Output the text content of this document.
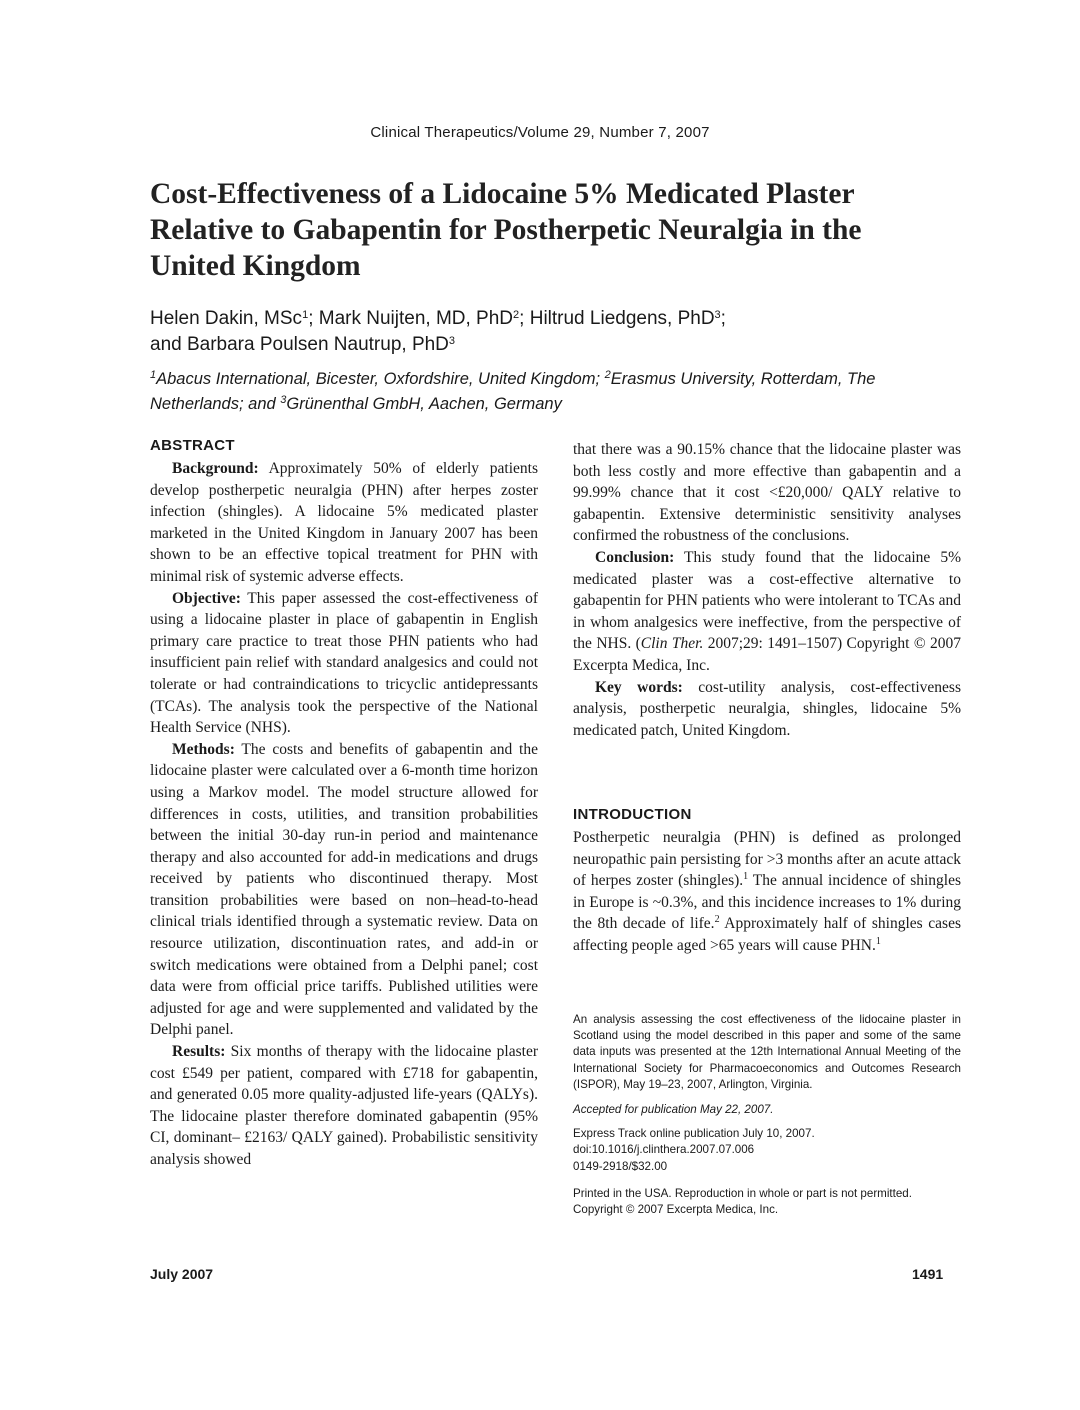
Clinical Therapeutics/Volume 29, Number 7, 2007
Cost-Effectiveness of a Lidocaine 5% Medicated Plaster Relative to Gabapentin for Postherpetic Neuralgia in the United Kingdom
Helen Dakin, MSc$^1$; Mark Nuijten, MD, PhD$^2$; Hiltrud Liedgens, PhD$^3$;
and Barbara Poulsen Nautrup, PhD$^3$
$^1$Abacus International, Bicester, Oxfordshire, United Kingdom; $^2$Erasmus University, Rotterdam, The Netherlands; and $^3$Grünenthal GmbH, Aachen, Germany
ABSTRACT

Background: Approximately 50% of elderly patients develop postherpetic neuralgia (PHN) after herpes zoster infection (shingles). A lidocaine 5% medicated plaster marketed in the United Kingdom in January 2007 has been shown to be an effective topical treatment for PHN with minimal risk of systemic adverse effects.

Objective: This paper assessed the cost-effectiveness of using a lidocaine plaster in place of gabapentin in English primary care practice to treat those PHN patients who had insufficient pain relief with standard analgesics and could not tolerate or had contraindications to tricyclic antidepressants (TCAs). The analysis took the perspective of the National Health Service (NHS).

Methods: The costs and benefits of gabapentin and the lidocaine plaster were calculated over a 6-month time horizon using a Markov model. The model structure allowed for differences in costs, utilities, and transition probabilities between the initial 30-day run-in period and maintenance therapy and also accounted for add-in medications and drugs received by patients who discontinued therapy. Most transition probabilities were based on non–head-to-head clinical trials identified through a systematic review. Data on resource utilization, discontinuation rates, and add-in or switch medications were obtained from a Delphi panel; cost data were from official price tariffs. Published utilities were adjusted for age and were supplemented and validated by the Delphi panel.

Results: Six months of therapy with the lidocaine plaster cost £549 per patient, compared with £718 for gabapentin, and generated 0.05 more quality-adjusted life-years (QALYs). The lidocaine plaster therefore dominated gabapentin (95% CI, dominant– £2163/ QALY gained). Probabilistic sensitivity analysis showed

that there was a 90.15% chance that the lidocaine plaster was both less costly and more effective than gabapentin and a 99.99% chance that it cost <£20,000/ QALY relative to gabapentin. Extensive deterministic sensitivity analyses confirmed the robustness of the conclusions.

Conclusion: This study found that the lidocaine 5% medicated plaster was a cost-effective alternative to gabapentin for PHN patients who were intolerant to TCAs and in whom analgesics were ineffective, from the perspective of the NHS. (Clin Ther. 2007;29: 1491–1507) Copyright © 2007 Excerpta Medica, Inc.

Key words: cost-utility analysis, cost-effectiveness analysis, postherpetic neuralgia, shingles, lidocaine 5% medicated patch, United Kingdom.

INTRODUCTION

Postherpetic neuralgia (PHN) is defined as prolonged neuropathic pain persisting for >3 months after an acute attack of herpes zoster (shingles).$^1$ The annual incidence of shingles in Europe is ~0.3%, and this incidence increases to 1% during the 8th decade of life.$^2$ Approximately half of shingles cases affecting people aged >65 years will cause PHN.$^1$

An analysis assessing the cost effectiveness of the lidocaine plaster in Scotland using the model described in this paper and some of the same data inputs was presented at the 12th International Annual Meeting of the International Society for Pharmacoeconomics and Outcomes Research (ISPOR), May 19–23, 2007, Arlington, Virginia.

Accepted for publication May 22, 2007.

Express Track online publication July 10, 2007.

doi:10.1016/j.clinthera.2007.07.006

0149-2918/$32.00

Printed in the USA. Reproduction in whole or part is not permitted.

Copyright © 2007 Excerpta Medica, Inc.

July 2007	1491
